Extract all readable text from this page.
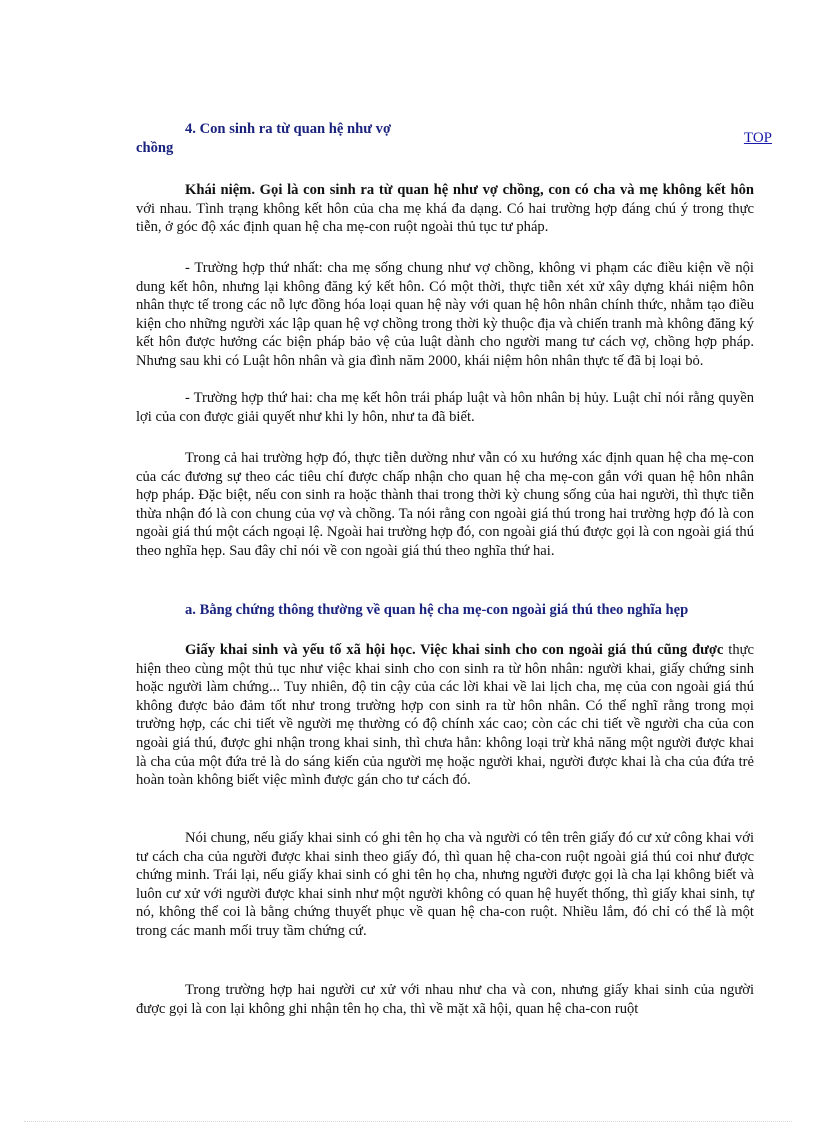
4. Con sinh ra từ quan hệ như vợ
chồng

TOP

Khái niệm. Gọi là con sinh ra từ quan hệ như vợ chồng, con có cha và mẹ không kết hôn với nhau. Tình trạng không kết hôn của cha mẹ khá đa dạng. Có hai trường hợp đáng chú ý trong thực tiễn, ở góc độ xác định quan hệ cha mẹ-con ruột ngoài thủ tục tư pháp.

- Trường hợp thứ nhất: cha mẹ sống chung như vợ chồng, không vi phạm các điều kiện về nội dung kết hôn, nhưng lại không đăng ký kết hôn. Có một thời, thực tiễn xét xử xây dựng khái niệm hôn nhân thực tế trong các nỗ lực đồng hóa loại quan hệ này với quan hệ hôn nhân chính thức, nhằm tạo điều kiện cho những người xác lập quan hệ vợ chồng trong thời kỳ thuộc địa và chiến tranh mà không đăng ký kết hôn được hưởng các biện pháp bảo vệ của luật dành cho người mang tư cách vợ, chồng hợp pháp. Nhưng sau khi có Luật hôn nhân và gia đình năm 2000, khái niệm hôn nhân thực tế đã bị loại bỏ.

- Trường hợp thứ hai: cha mẹ kết hôn trái pháp luật và hôn nhân bị hủy. Luật chỉ nói rằng quyền lợi của con được giải quyết như khi ly hôn, như ta đã biết.

Trong cả hai trường hợp đó, thực tiễn dường như vẫn có xu hướng xác định quan hệ cha mẹ-con của các đương sự theo các tiêu chí được chấp nhận cho quan hệ cha mẹ-con gắn với quan hệ hôn nhân hợp pháp. Đặc biệt, nếu con sinh ra hoặc thành thai trong thời kỳ chung sống của hai người, thì thực tiễn thừa nhận đó là con chung của vợ và chồng. Ta nói rằng con ngoài giá thú trong hai trường hợp đó là con ngoài giá thú một cách ngoại lệ. Ngoài hai trường hợp đó, con ngoài giá thú được gọi là con ngoài giá thú theo nghĩa hẹp. Sau đây chỉ nói về con ngoài giá thú theo nghĩa thứ hai.

a. Bằng chứng thông thường về quan hệ cha mẹ-con ngoài giá thú theo nghĩa hẹp

Giấy khai sinh và yếu tố xã hội học. Việc khai sinh cho con ngoài giá thú cũng được thực hiện theo cùng một thủ tục như việc khai sinh cho con sinh ra từ hôn nhân: người khai, giấy chứng sinh hoặc người làm chứng... Tuy nhiên, độ tin cậy của các lời khai về lai lịch cha, mẹ của con ngoài giá thú không được bảo đảm tốt như trong trường hợp con sinh ra từ hôn nhân. Có thể nghĩ rằng trong mọi trường hợp, các chi tiết về người mẹ thường có độ chính xác cao; còn các chi tiết về người cha của con ngoài giá thú, được ghi nhận trong khai sinh, thì chưa hẳn: không loại trừ khả năng một người được khai là cha của một đứa trẻ là do sáng kiến của người mẹ hoặc người khai, người được khai là cha của đứa trẻ hoàn toàn không biết việc mình được gán cho tư cách đó.

Nói chung, nếu giấy khai sinh có ghi tên họ cha và người có tên trên giấy đó cư xử công khai với tư cách cha của người được khai sinh theo giấy đó, thì quan hệ cha-con ruột ngoài giá thú coi như được chứng minh. Trái lại, nếu giấy khai sinh có ghi tên họ cha, nhưng người được gọi là cha lại không biết và luôn cư xử với người được khai sinh như một người không có quan hệ huyết thống, thì giấy khai sinh, tự nó, không thể coi là bằng chứng thuyết phục về quan hệ cha-con ruột. Nhiều lắm, đó chỉ có thể là một trong các manh mối truy tầm chứng cứ.

Trong trường hợp hai người cư xử với nhau như cha và con, nhưng giấy khai sinh của người được gọi là con lại không ghi nhận tên họ cha, thì về mặt xã hội, quan hệ cha-con ruột
